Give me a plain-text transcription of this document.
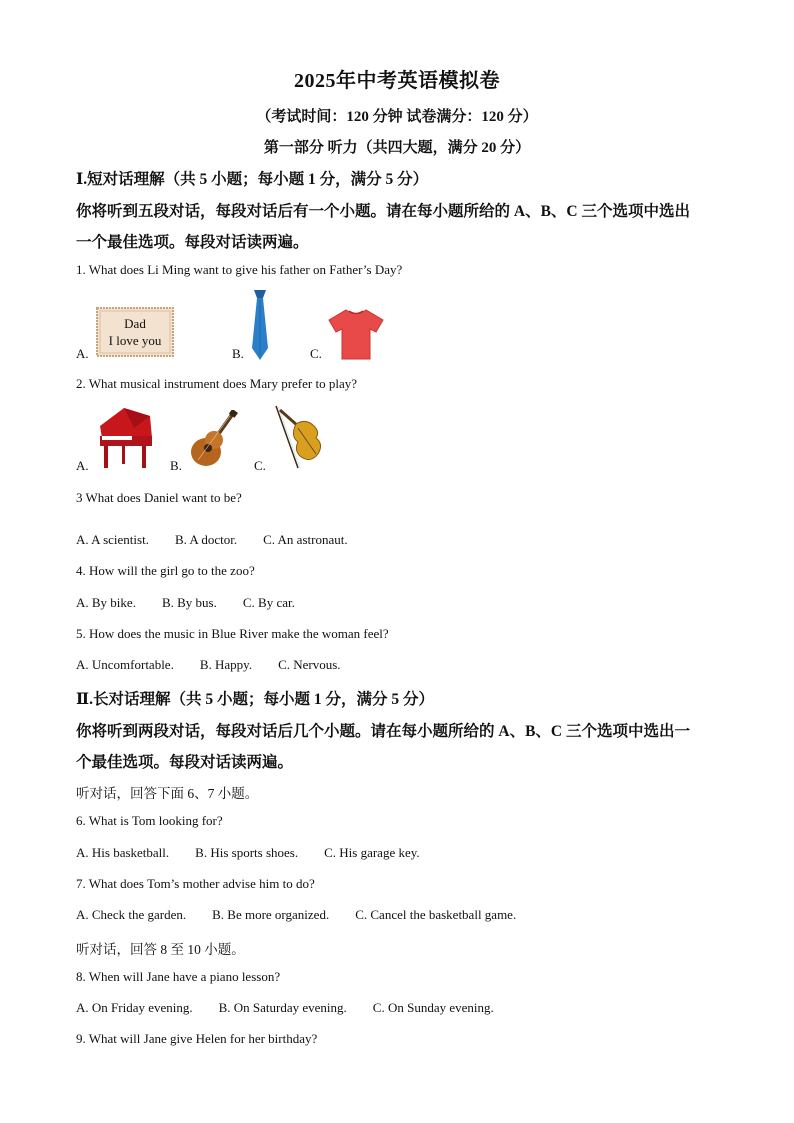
2025年中考英语模拟卷
（考试时间：120 分钟 试卷满分：120 分）
第一部分 听力（共四大题，满分 20 分）
Ⅰ.短对话理解（共 5 小题；每小题 1 分，满分 5 分）
你将听到五段对话，每段对话后有一个小题。请在每小题所给的 A、B、C 三个选项中选出
一个最佳选项。每段对话读两遍。
1. What does Li Ming want to give his father on Father’s Day?
A.
Dad
I love you
B.	C.
2. What musical instrument does Mary prefer to play?
A.	B.	C.
3 What does Daniel want to be?
A. A scientist. B. A doctor. C. An astronaut.
4. How will the girl go to the zoo?
A. By bike. B. By bus. C. By car.
5. How does the music in Blue River make the woman feel?
A. Uncomfortable. B. Happy. C. Nervous.
Ⅱ.长对话理解（共 5 小题；每小题 1 分，满分 5 分）
你将听到两段对话，每段对话后几个小题。请在每小题所给的 A、B、C 三个选项中选出一
个最佳选项。每段对话读两遍。
听对话，回答下面 6、7 小题。
6. What is Tom looking for?
A. His basketball. B. His sports shoes. C. His garage key.
7. What does Tom’s mother advise him to do?
A. Check the garden. B. Be more organized. C. Cancel the basketball game.
听对话，回答 8 至 10 小题。
8. When will Jane have a piano lesson?
A. On Friday evening. B. On Saturday evening. C. On Sunday evening.
9. What will Jane give Helen for her birthday?
